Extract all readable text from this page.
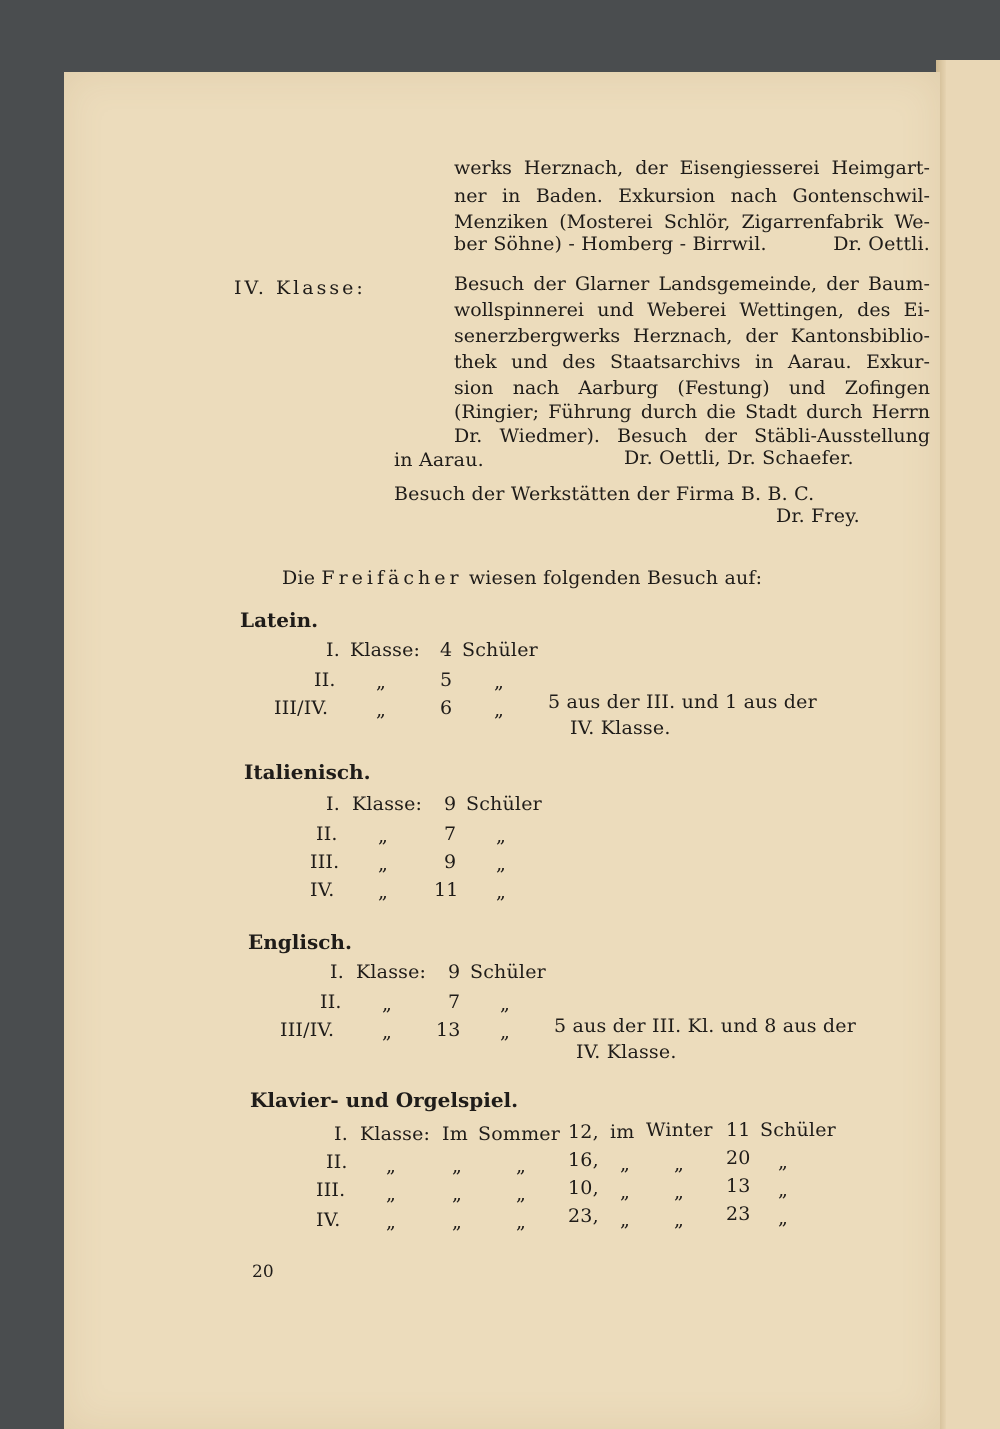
werks Herznach, der Eisengiesserei Heimgart-
ner in Baden. Exkursion nach Gontenschwil-
Menziken (Mosterei Schlör, Zigarrenfabrik We-
ber Söhne) - Homberg - Birrwil.	Dr. Oettli.
IV. Klasse:	Besuch der Glarner Landsgemeinde, der Baum-
wollspinnerei und Weberei Wettingen, des Ei-
senerzbergwerks Herznach, der Kantonsbiblio-
thek und des Staatsarchivs in Aarau. Exkur-
sion nach Aarburg (Festung) und Zofingen
(Ringier; Führung durch die Stadt durch Herrn
Dr. Wiedmer). Besuch der Stäbli-Ausstellung
in Aarau.	Dr. Oettli, Dr. Schaefer.
Besuch der Werkstätten der Firma B. B. C.
Dr. Frey.
Die Freifächer wiesen folgenden Besuch auf:
Latein.
I. Klasse: 4 Schüler
II. „	5 „
III/IV.	„	6 „ 5 aus der III. und 1 aus der
IV. Klasse.
Italienisch.
I. Klasse: 9 Schüler
II. „	7 „
III. „	9 „
IV. „ 11 „
Englisch.
I. Klasse: 9 Schüler
II. „	7 „
III/IV.	„ 13 „ 5 aus der III. Kl. und 8 aus der
IV. Klasse.
Klavier- und Orgelspiel.
I. Klasse: Im Sommer 12, im Winter 11 Schüler
II. „	„	„ 16, „ „ 20 „
III. „	„	„ 10, „ „ 13 „
IV. „	„	„ 23, „ „ 23 „
20
